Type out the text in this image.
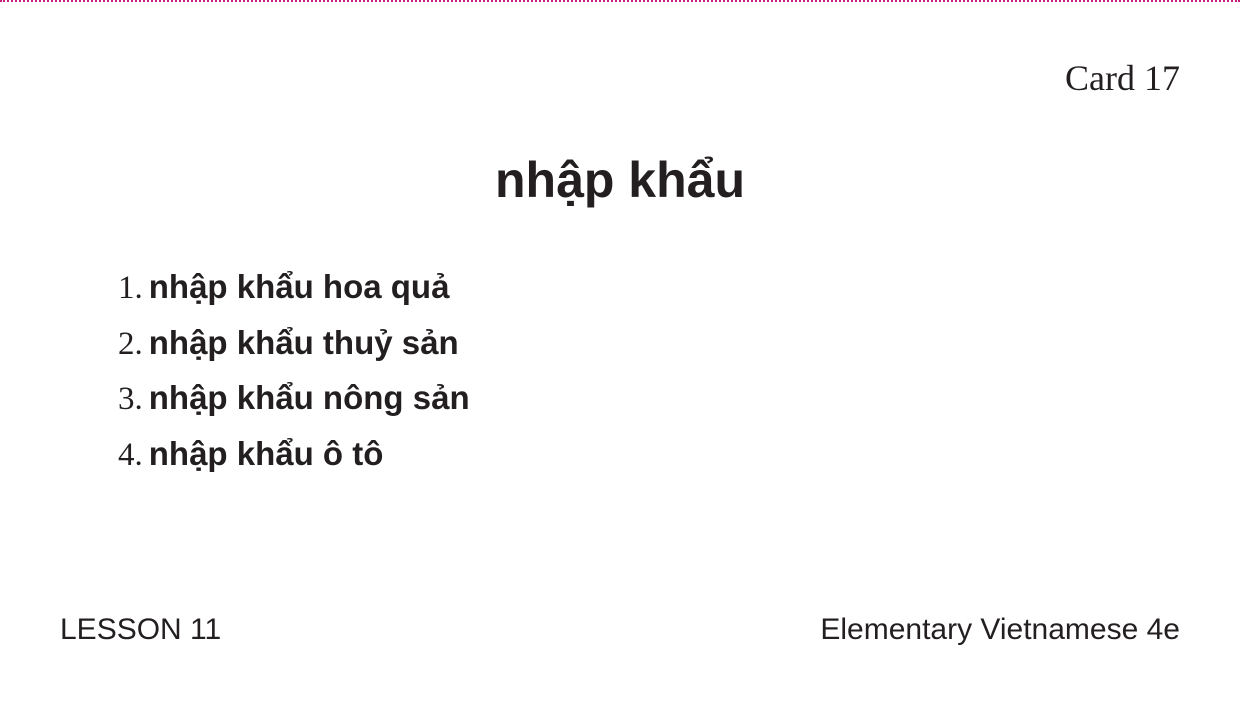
Card 17
nhập khẩu
1. nhập khẩu hoa quả
2. nhập khẩu thuỷ sản
3. nhập khẩu nông sản
4. nhập khẩu ô tô
LESSON 11	Elementary Vietnamese 4e
